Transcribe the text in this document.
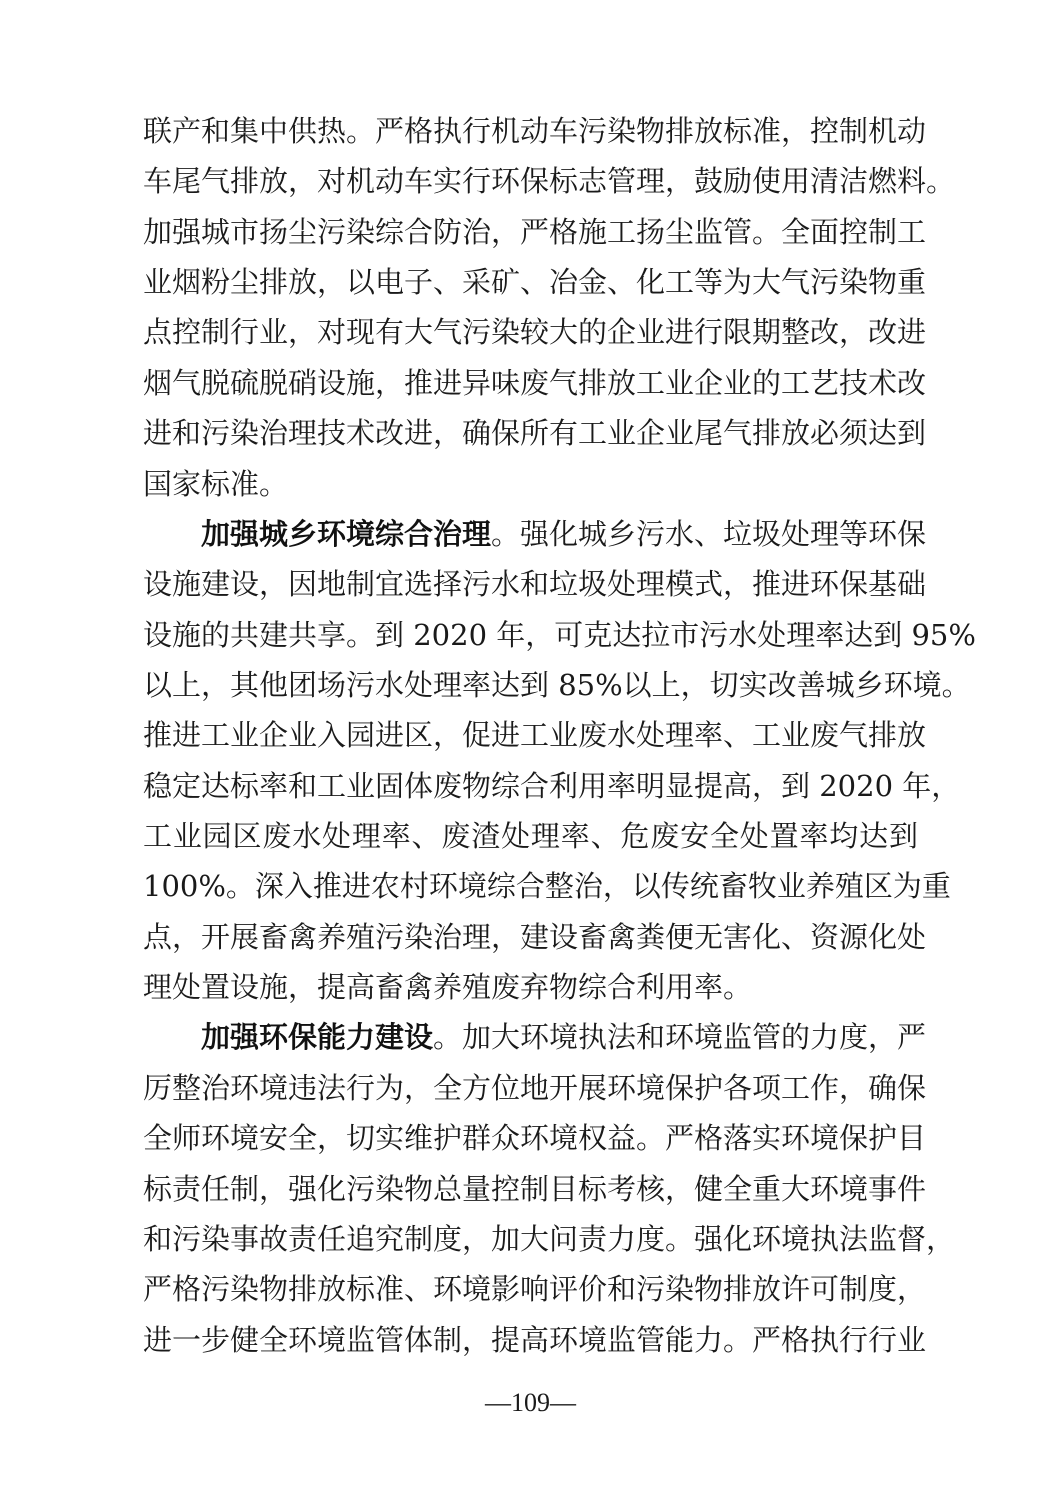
联产和集中供热。严格执行机动车污染物排放标准，控制机动
车尾气排放，对机动车实行环保标志管理，鼓励使用清洁燃料。
加强城市扬尘污染综合防治，严格施工扬尘监管。全面控制工
业烟粉尘排放，以电子、采矿、冶金、化工等为大气污染物重
点控制行业，对现有大气污染较大的企业进行限期整改，改进
烟气脱硫脱硝设施，推进异味废气排放工业企业的工艺技术改
进和污染治理技术改进，确保所有工业企业尾气排放必须达到
国家标准。
加强城乡环境综合治理。强化城乡污水、垃圾处理等环保
设施建设，因地制宜选择污水和垃圾处理模式，推进环保基础
设施的共建共享。到 2020 年，可克达拉市污水处理率达到 95%
以上，其他团场污水处理率达到 85%以上，切实改善城乡环境。
推进工业企业入园进区，促进工业废水处理率、工业废气排放
稳定达标率和工业固体废物综合利用率明显提高，到 2020 年，
工业园区废水处理率、废渣处理率、危废安全处置率均达到
100%。深入推进农村环境综合整治，以传统畜牧业养殖区为重
点，开展畜禽养殖污染治理，建设畜禽粪便无害化、资源化处
理处置设施，提高畜禽养殖废弃物综合利用率。
加强环保能力建设。加大环境执法和环境监管的力度，严
厉整治环境违法行为，全方位地开展环境保护各项工作，确保
全师环境安全，切实维护群众环境权益。严格落实环境保护目
标责任制，强化污染物总量控制目标考核，健全重大环境事件
和污染事故责任追究制度，加大问责力度。强化环境执法监督，
严格污染物排放标准、环境影响评价和污染物排放许可制度，
进一步健全环境监管体制，提高环境监管能力。严格执行行业
—109—
